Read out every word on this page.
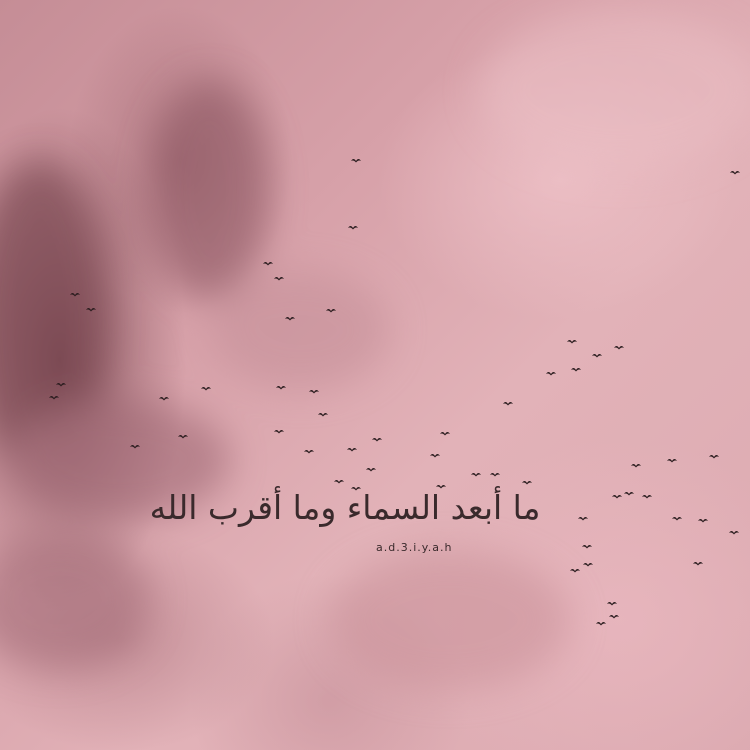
ما أبعد السماء وما أقرب الله
a.d.3.i.y.a.h
